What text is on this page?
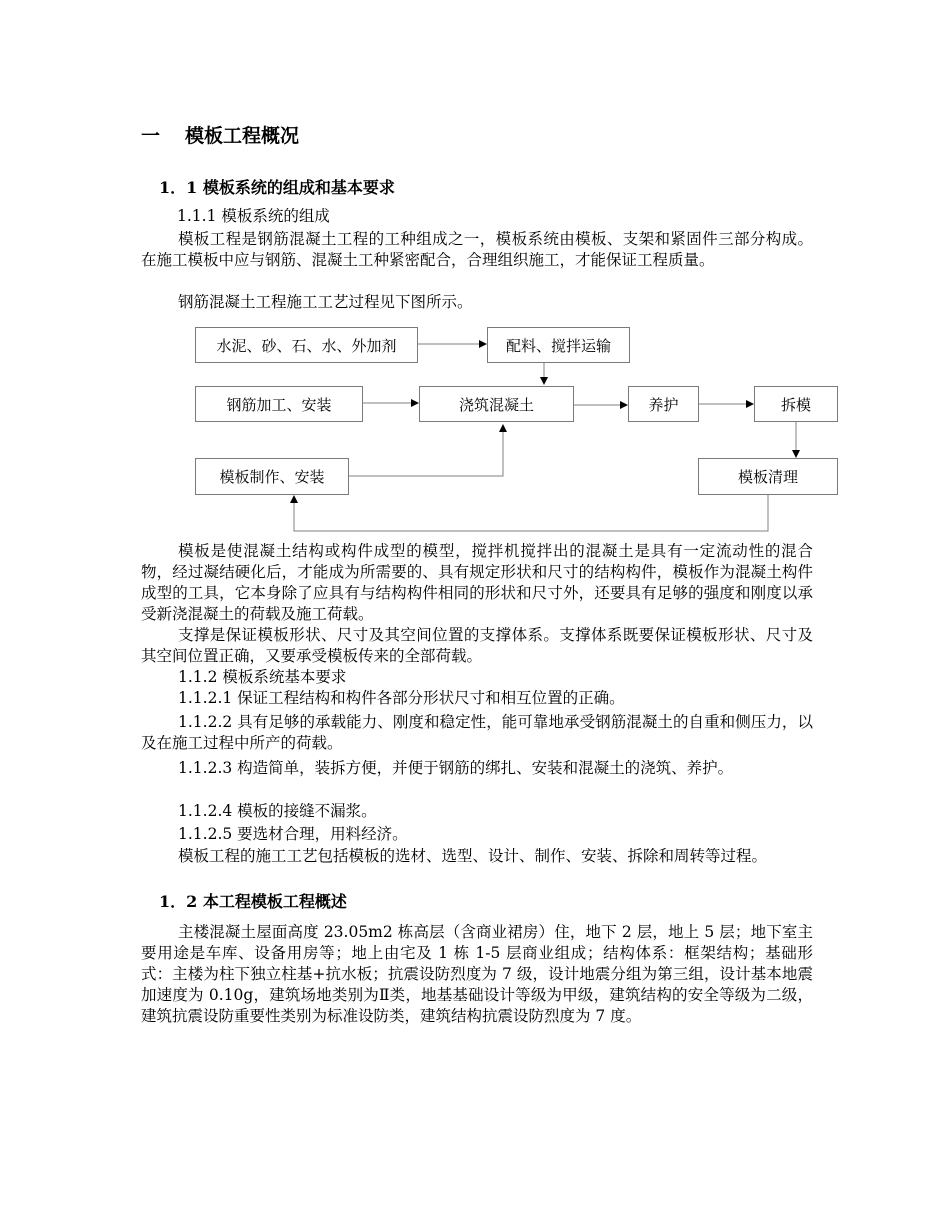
一 模板工程概况
1．1 模板系统的组成和基本要求
1.1.1 模板系统的组成
模板工程是钢筋混凝土工程的工种组成之一，模板系统由模板、支架和紧固件三部分构成。在施工模板中应与钢筋、混凝土工种紧密配合，合理组织施工，才能保证工程质量。
钢筋混凝土工程施工工艺过程见下图所示。
水泥、砂、石、水、外加剂	配料、搅拌运输
钢筋加工、安装	浇筑混凝土	养护	拆模
模板制作、安装	模板清理
模板是使混凝土结构或构件成型的模型，搅拌机搅拌出的混凝土是具有一定流动性的混合物，经过凝结硬化后，才能成为所需要的、具有规定形状和尺寸的结构构件，模板作为混凝土构件成型的工具，它本身除了应具有与结构构件相同的形状和尺寸外，还要具有足够的强度和刚度以承受新浇混凝土的荷载及施工荷载。
支撑是保证模板形状、尺寸及其空间位置的支撑体系。支撑体系既要保证模板形状、尺寸及其空间位置正确，又要承受模板传来的全部荷载。
1.1.2 模板系统基本要求
1.1.2.1 保证工程结构和构件各部分形状尺寸和相互位置的正确。
1.1.2.2 具有足够的承载能力、刚度和稳定性，能可靠地承受钢筋混凝土的自重和侧压力，以及在施工过程中所产的荷载。
1.1.2.3 构造简单，装拆方便，并便于钢筋的绑扎、安装和混凝土的浇筑、养护。
1.1.2.4 模板的接缝不漏浆。
1.1.2.5 要选材合理，用料经济。
模板工程的施工工艺包括模板的选材、选型、设计、制作、安装、拆除和周转等过程。
1．2 本工程模板工程概述
主楼混凝土屋面高度 23.05m2 栋高层（含商业裙房）住，地下 2 层，地上 5 层；地下室主要用途是车库、设备用房等；地上由宅及 1 栋 1-5 层商业组成；结构体系：框架结构；基础形式：主楼为柱下独立柱基+抗水板；抗震设防烈度为 7 级，设计地震分组为第三组，设计基本地震加速度为 0.10g，建筑场地类别为Ⅱ类，地基基础设计等级为甲级，建筑结构的安全等级为二级，建筑抗震设防重要性类别为标准设防类，建筑结构抗震设防烈度为 7 度。
